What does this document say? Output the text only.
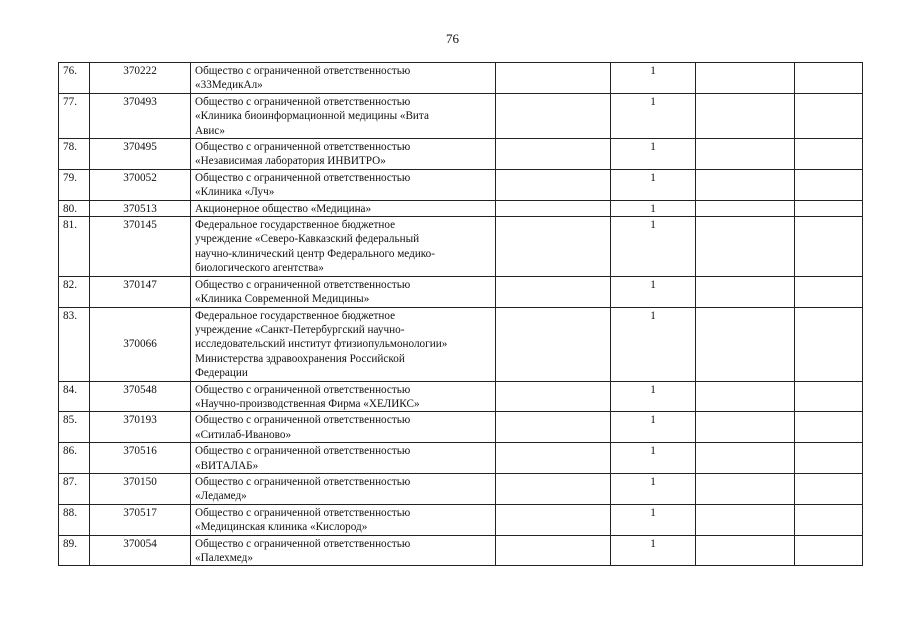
76
76.	370222	Общество с ограниченной ответственностью
«33МедикАл»		1		
77.	370493	Общество с ограниченной ответственностью
«Клиника биоинформационной медицины «Вита
Авис»		1		
78.	370495	Общество с ограниченной ответственностью
«Независимая лаборатория ИНВИТРО»		1		
79.	370052	Общество с ограниченной ответственностью
«Клиника «Луч»		1		
80.	370513	Акционерное общество «Медицина»		1		
81.	370145	Федеральное государственное бюджетное
учреждение «Северо-Кавказский федеральный
научно-клинический центр Федерального медико-
биологического агентства»		1		
82.	370147	Общество с ограниченной ответственностью
«Клиника Современной Медицины»		1		
83.	370066	Федеральное государственное бюджетное
учреждение «Санкт-Петербургский научно-
исследовательский институт фтизиопульмонологии»
Министерства здравоохранения Российской
Федерации		1		
84.	370548	Общество с ограниченной ответственностью
«Научно-производственная Фирма «ХЕЛИКС»		1		
85.	370193	Общество с ограниченной ответственностью
«Ситилаб-Иваново»		1		
86.	370516	Общество с ограниченной ответственностью
«ВИТАЛАБ»		1		
87.	370150	Общество с ограниченной ответственностью
«Ледамед»		1		
88.	370517	Общество с ограниченной ответственностью
«Медицинская клиника «Кислород»		1		
89.	370054	Общество с ограниченной ответственностью
«Палехмед»		1		
